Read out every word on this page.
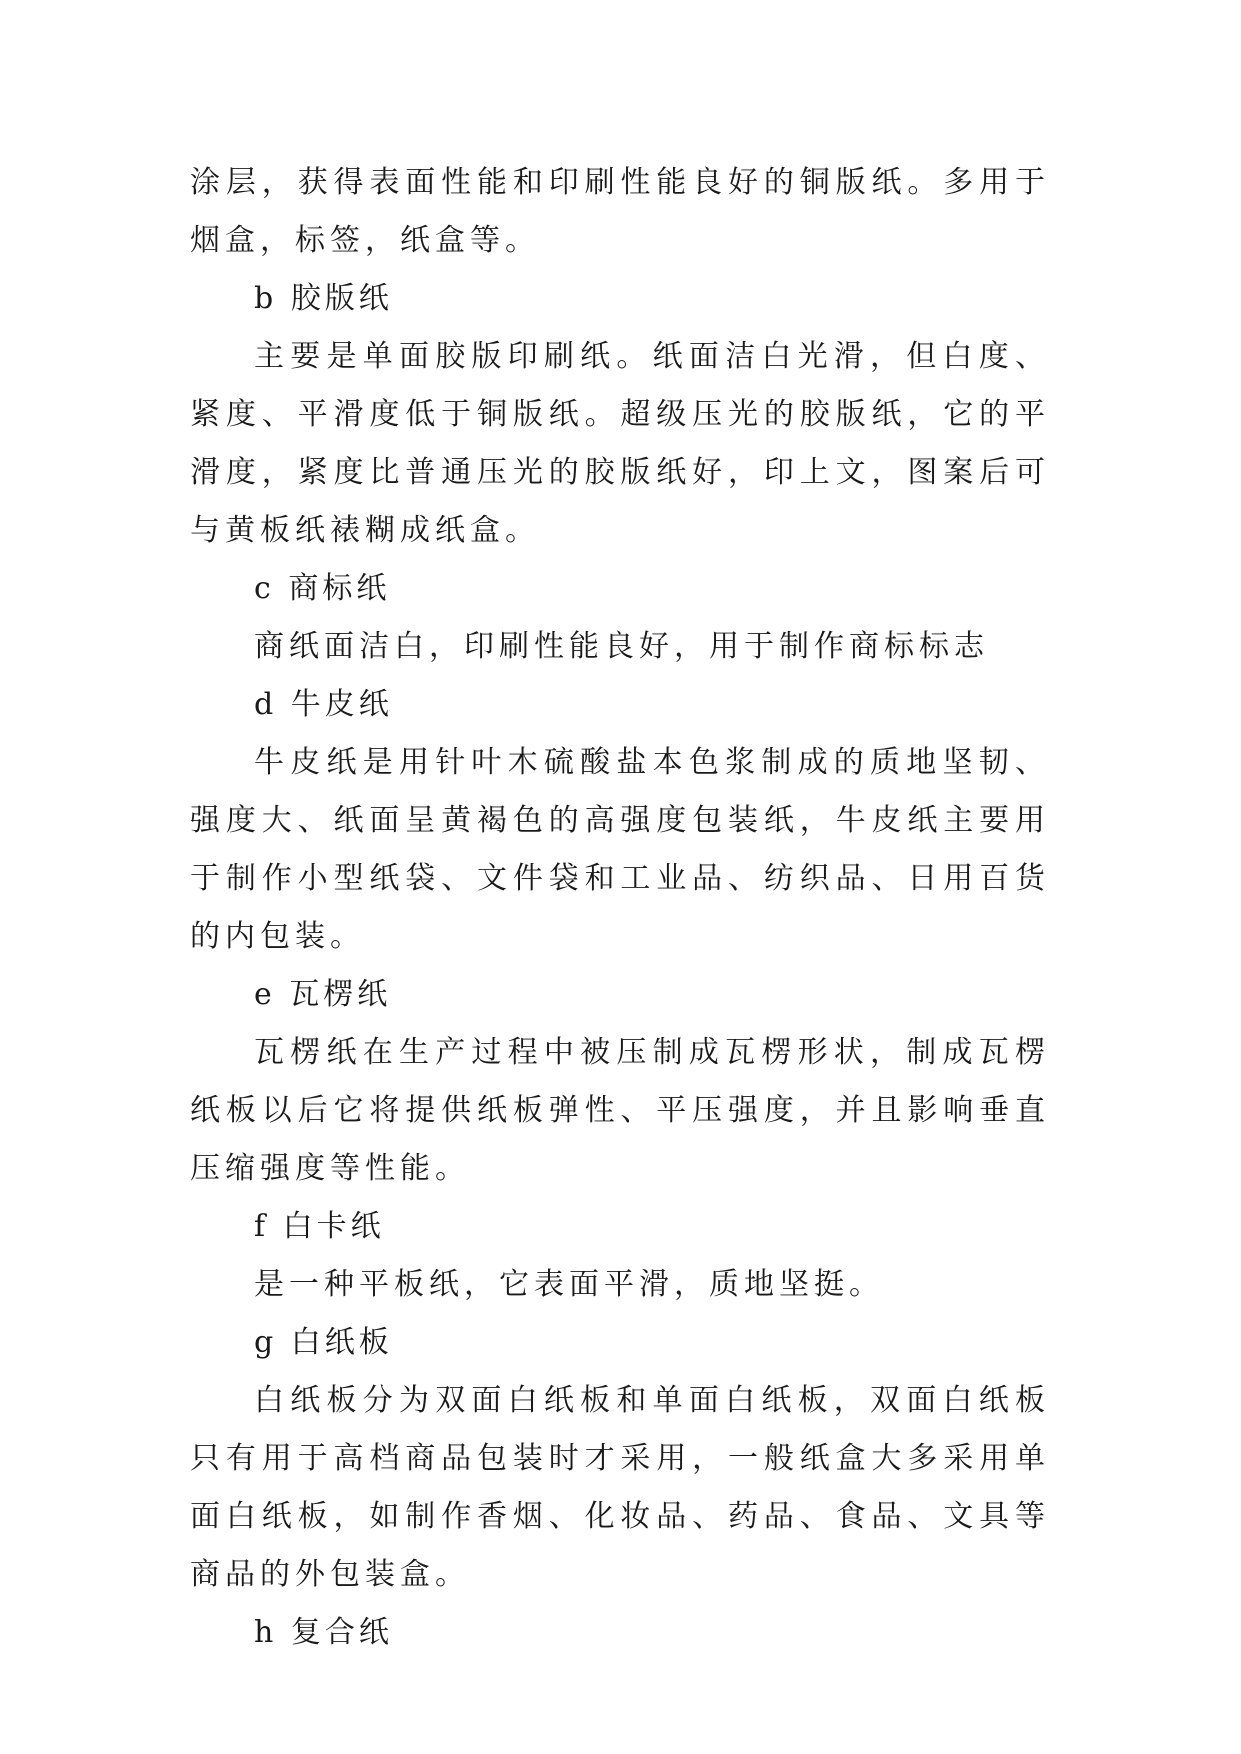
涂层，获得表面性能和印刷性能良好的铜版纸。多用于烟盒，标签，纸盒等。

b 胶版纸

主要是单面胶版印刷纸。纸面洁白光滑，但白度、紧度、平滑度低于铜版纸。超级压光的胶版纸，它的平滑度，紧度比普通压光的胶版纸好，印上文，图案后可与黄板纸裱糊成纸盒。

c 商标纸

商纸面洁白，印刷性能良好，用于制作商标标志

d 牛皮纸

牛皮纸是用针叶木硫酸盐本色浆制成的质地坚韧、强度大、纸面呈黄褐色的高强度包装纸，牛皮纸主要用于制作小型纸袋、文件袋和工业品、纺织品、日用百货的内包装。

e 瓦楞纸

瓦楞纸在生产过程中被压制成瓦楞形状，制成瓦楞纸板以后它将提供纸板弹性、平压强度，并且影响垂直压缩强度等性能。

f 白卡纸

是一种平板纸，它表面平滑，质地坚挺。

g 白纸板

白纸板分为双面白纸板和单面白纸板，双面白纸板只有用于高档商品包装时才采用，一般纸盒大多采用单面白纸板，如制作香烟、化妆品、药品、食品、文具等商品的外包装盒。

h 复合纸
